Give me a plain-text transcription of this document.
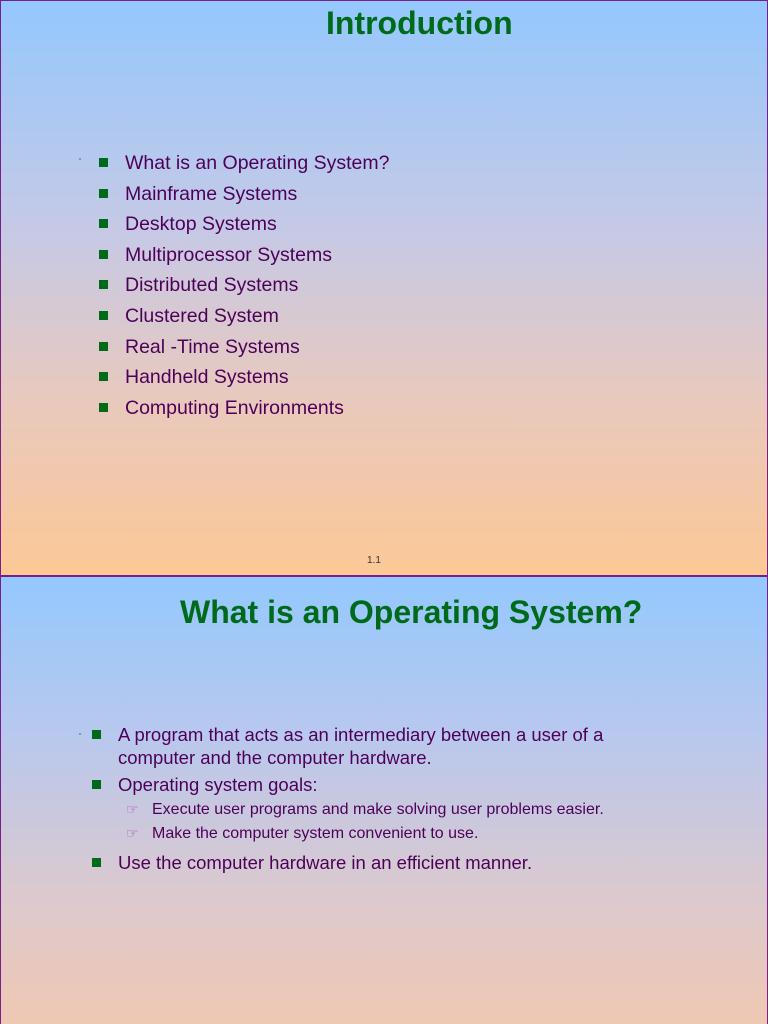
Introduction
What is an Operating System?
Mainframe Systems
Desktop Systems
Multiprocessor Systems
Distributed Systems
Clustered System
Real -Time Systems
Handheld Systems
Computing Environments
1.1
What is an Operating System?
A program that acts as an intermediary between a user of a
computer and the computer hardware.
Operating system goals:
☞ Execute user programs and make solving user problems easier.
☞ Make the computer system convenient to use.
Use the computer hardware in an efficient manner.
